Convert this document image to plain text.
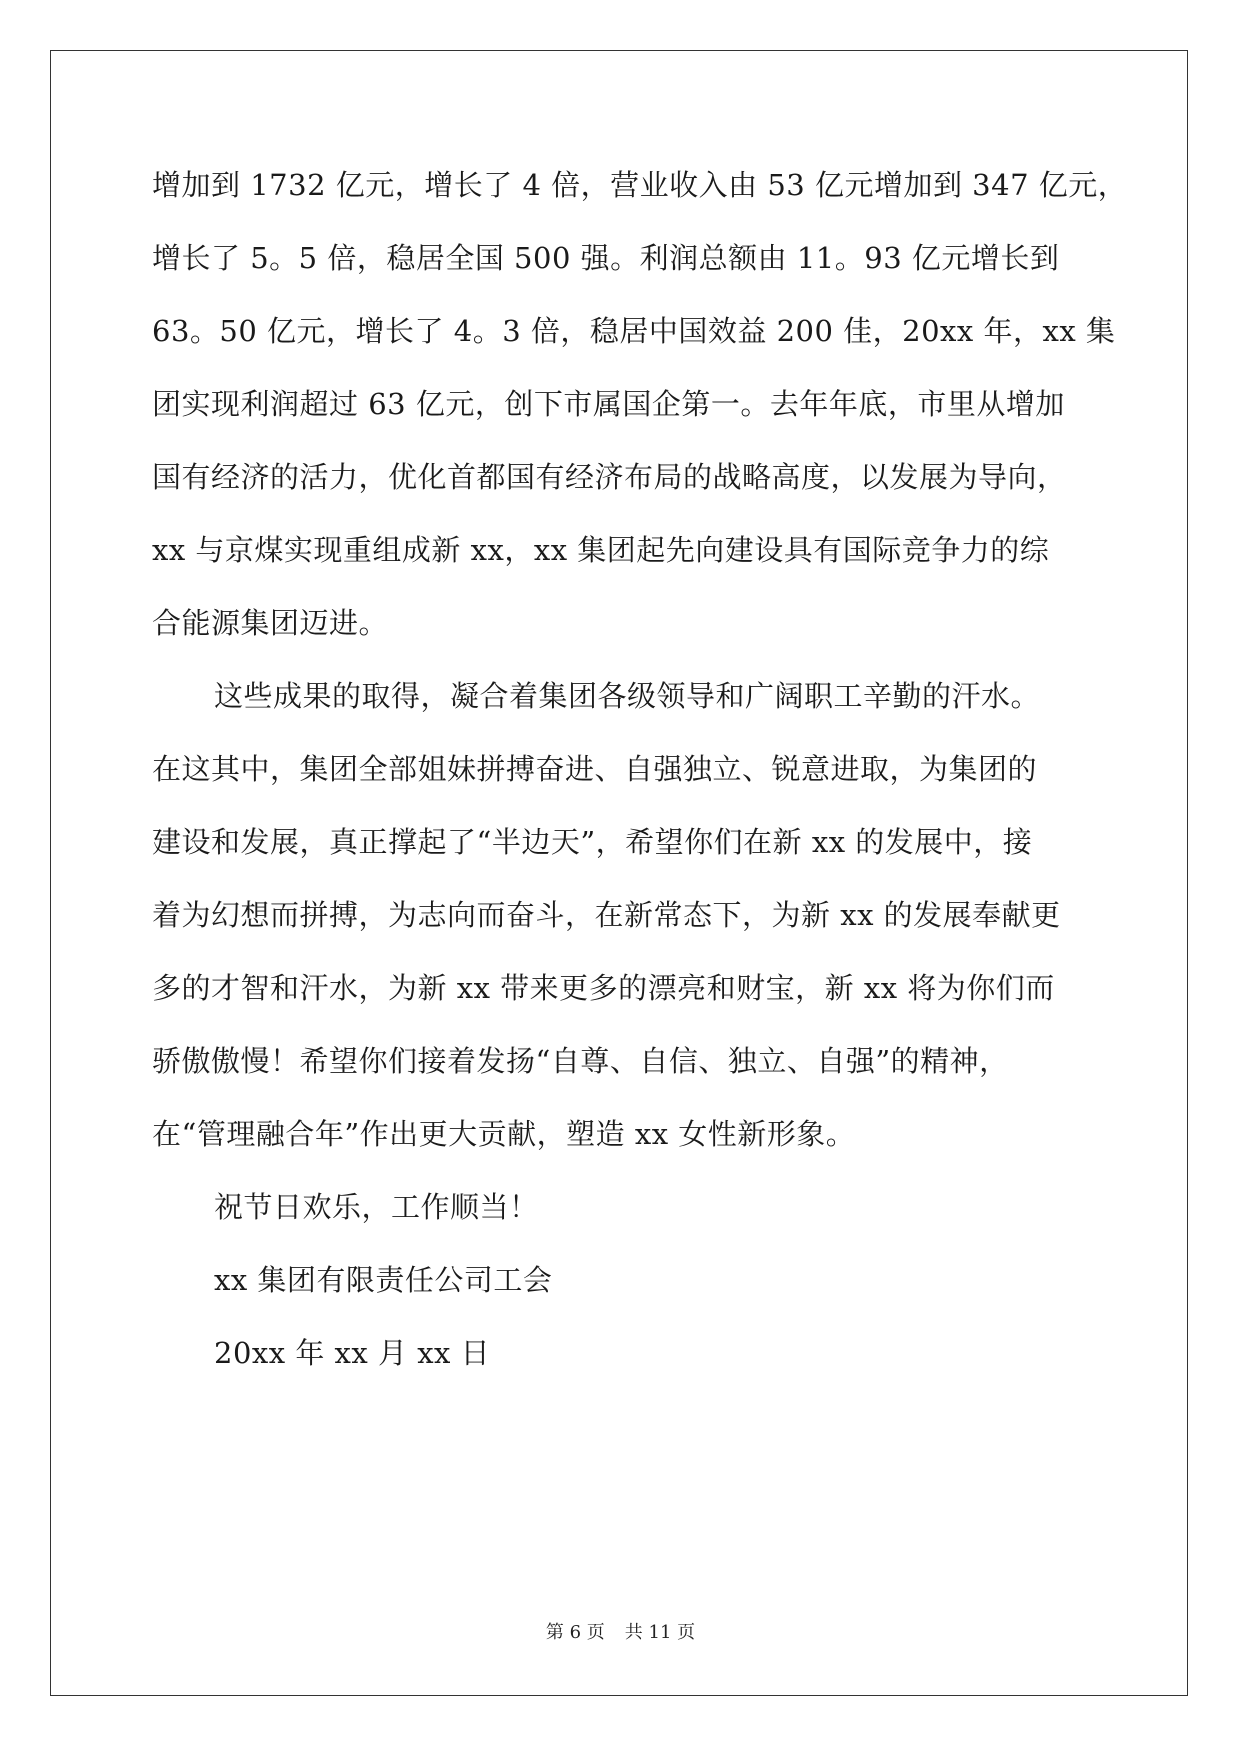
增加到 1732 亿元，增长了 4 倍，营业收入由 53 亿元增加到 347 亿元，
增长了 5。5 倍，稳居全国 500 强。利润总额由 11。93 亿元增长到
63。50 亿元，增长了 4。3 倍，稳居中国效益 200 佳，20xx 年，xx 集
团实现利润超过 63 亿元，创下市属国企第一。去年年底，市里从增加
国有经济的活力，优化首都国有经济布局的战略高度，以发展为导向，
xx 与京煤实现重组成新 xx，xx 集团起先向建设具有国际竞争力的综
合能源集团迈进。
这些成果的取得，凝合着集团各级领导和广阔职工辛勤的汗水。
在这其中，集团全部姐妹拼搏奋进、自强独立、锐意进取，为集团的
建设和发展，真正撑起了“半边天”，希望你们在新 xx 的发展中，接
着为幻想而拼搏，为志向而奋斗，在新常态下，为新 xx 的发展奉献更
多的才智和汗水，为新 xx 带来更多的漂亮和财宝，新 xx 将为你们而
骄傲傲慢！希望你们接着发扬“自尊、自信、独立、自强”的精神，
在“管理融合年”作出更大贡献，塑造 xx 女性新形象。
祝节日欢乐，工作顺当！
xx 集团有限责任公司工会
20xx 年 xx 月 xx 日
第 6 页 共 11 页
